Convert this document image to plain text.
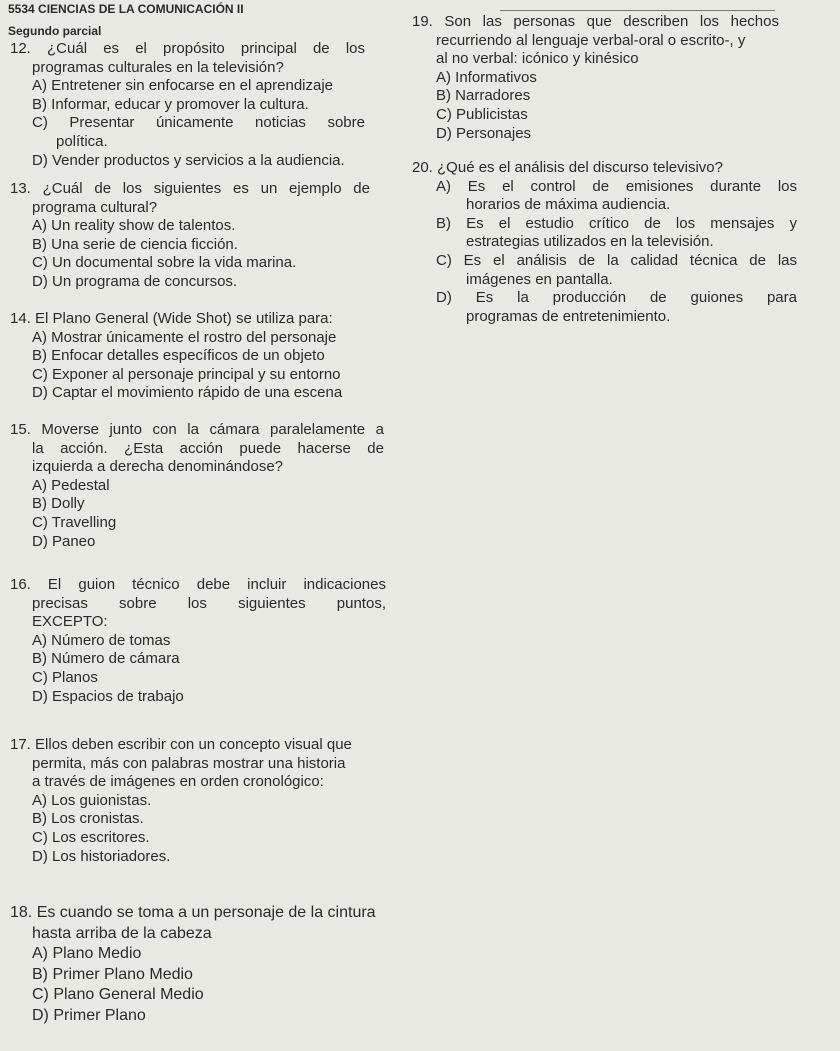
5534 CIENCIAS DE LA COMUNICACIÓN II
Segundo parcial
12. ¿Cuál es el propósito principal de los
programas culturales en la televisión?
A) Entretener sin enfocarse en el aprendizaje
B) Informar, educar y promover la cultura.
C) Presentar únicamente noticias sobre
política.
D) Vender productos y servicios a la audiencia.
13. ¿Cuál de los siguientes es un ejemplo de
programa cultural?
A) Un reality show de talentos.
B) Una serie de ciencia ficción.
C) Un documental sobre la vida marina.
D) Un programa de concursos.
14. El Plano General (Wide Shot) se utiliza para:
A) Mostrar únicamente el rostro del personaje
B) Enfocar detalles específicos de un objeto
C) Exponer al personaje principal y su entorno
D) Captar el movimiento rápido de una escena
15. Moverse junto con la cámara paralelamente a
la acción. ¿Esta acción puede hacerse de
izquierda a derecha denominándose?
A) Pedestal
B) Dolly
C) Travelling
D) Paneo
16. El guion técnico debe incluir indicaciones
precisas sobre los siguientes puntos,
EXCEPTO:
A) Número de tomas
B) Número de cámara
C) Planos
D) Espacios de trabajo
17. Ellos deben escribir con un concepto visual que
permita, más con palabras mostrar una historia
a través de imágenes en orden cronológico:
A) Los guionistas.
B) Los cronistas.
C) Los escritores.
D) Los historiadores.
18. Es cuando se toma a un personaje de la cintura
hasta arriba de la cabeza
A) Plano Medio
B) Primer Plano Medio
C) Plano General Medio
D) Primer Plano
19. Son las personas que describen los hechos
recurriendo al lenguaje verbal-oral o escrito-, y
al no verbal: icónico y kinésico
A) Informativos
B) Narradores
C) Publicistas
D) Personajes
20. ¿Qué es el análisis del discurso televisivo?
A) Es el control de emisiones durante los
horarios de máxima audiencia.
B) Es el estudio crítico de los mensajes y
estrategias utilizados en la televisión.
C) Es el análisis de la calidad técnica de las
imágenes en pantalla.
D) Es la producción de guiones para
programas de entretenimiento.
